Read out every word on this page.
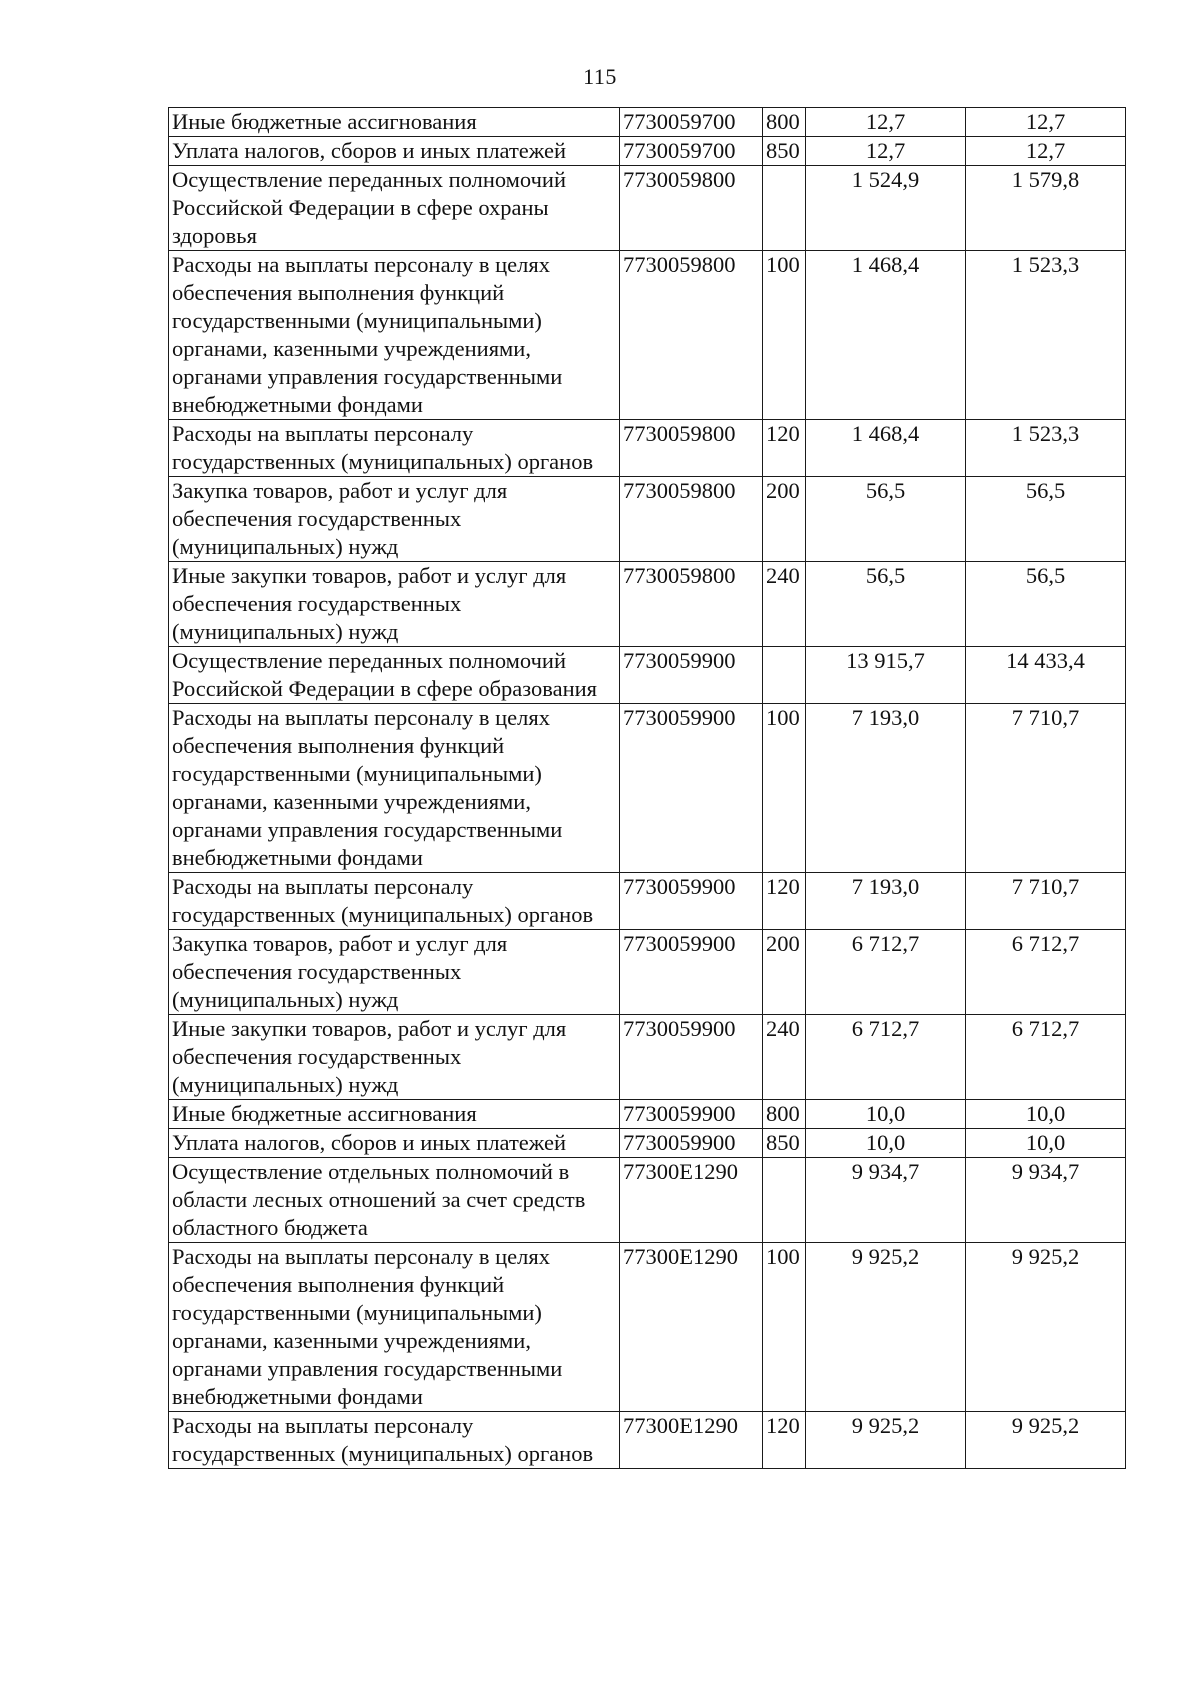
115
Иные бюджетные ассигнования	7730059700	800	12,7	12,7
Уплата налогов, сборов и иных платежей	7730059700	850	12,7	12,7
Осуществление переданных полномочий Российской Федерации в сфере охраны здоровья	7730059800		1 524,9	1 579,8
Расходы на выплаты персоналу в целях обеспечения выполнения функций государственными (муниципальными) органами, казенными учреждениями, органами управления государственными внебюджетными фондами	7730059800	100	1 468,4	1 523,3
Расходы на выплаты персоналу государственных (муниципальных) органов	7730059800	120	1 468,4	1 523,3
Закупка товаров, работ и услуг для обеспечения государственных (муниципальных) нужд	7730059800	200	56,5	56,5
Иные закупки товаров, работ и услуг для обеспечения государственных (муниципальных) нужд	7730059800	240	56,5	56,5
Осуществление переданных полномочий Российской Федерации в сфере образования	7730059900		13 915,7	14 433,4
Расходы на выплаты персоналу в целях обеспечения выполнения функций государственными (муниципальными) органами, казенными учреждениями, органами управления государственными внебюджетными фондами	7730059900	100	7 193,0	7 710,7
Расходы на выплаты персоналу государственных (муниципальных) органов	7730059900	120	7 193,0	7 710,7
Закупка товаров, работ и услуг для обеспечения государственных (муниципальных) нужд	7730059900	200	6 712,7	6 712,7
Иные закупки товаров, работ и услуг для обеспечения государственных (муниципальных) нужд	7730059900	240	6 712,7	6 712,7
Иные бюджетные ассигнования	7730059900	800	10,0	10,0
Уплата налогов, сборов и иных платежей	7730059900	850	10,0	10,0
Осуществление отдельных полномочий в области лесных отношений за счет средств областного бюджета	77300E1290		9 934,7	9 934,7
Расходы на выплаты персоналу в целях обеспечения выполнения функций государственными (муниципальными) органами, казенными учреждениями, органами управления государственными внебюджетными фондами	77300E1290	100	9 925,2	9 925,2
Расходы на выплаты персоналу государственных (муниципальных) органов	77300E1290	120	9 925,2	9 925,2
